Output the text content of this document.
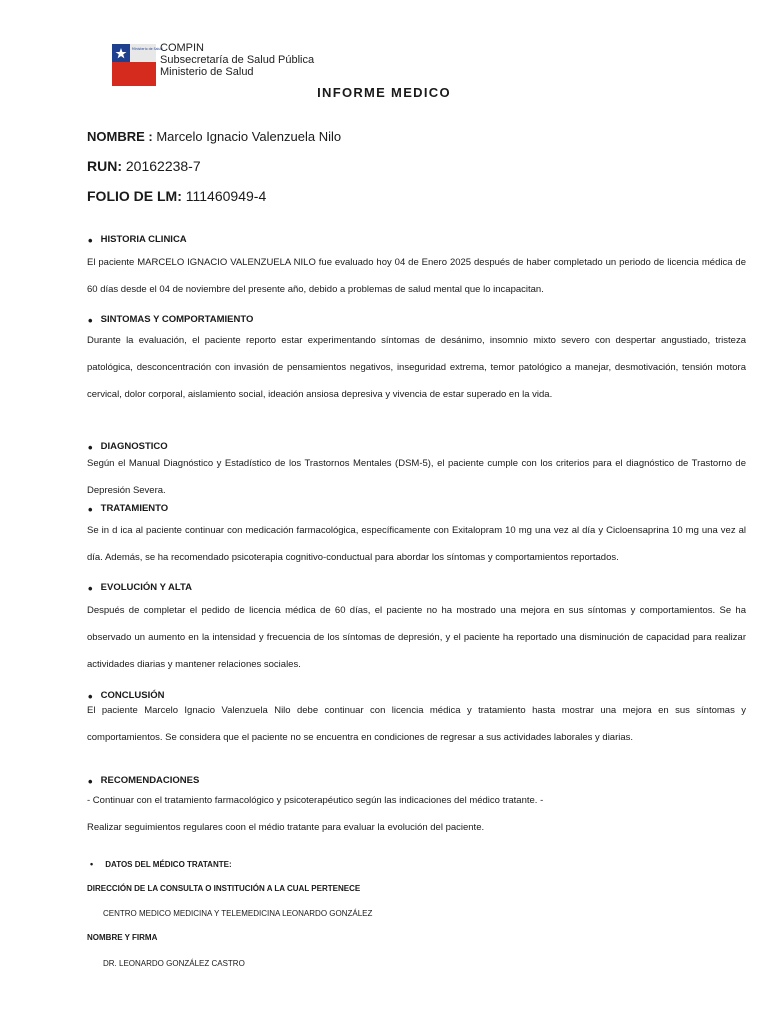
Ministerio de Salud
COMPIN
Subsecretaría de Salud Pública
Ministerio de Salud
INFORME MEDICO
NOMBRE : Marcelo Ignacio Valenzuela Nilo
RUN: 20162238-7
FOLIO DE LM: 111460949-4
• HISTORIA CLINICA

El paciente MARCELO IGNACIO VALENZUELA NILO fue evaluado hoy 04 de Enero 2025 después de haber completado un periodo de licencia médica de 60 días desde el 04 de noviembre del presente año, debido a problemas de salud mental que lo incapacitan.

• SINTOMAS Y COMPORTAMIENTO

Durante la evaluación, el paciente reporto estar experimentando síntomas de desánimo, insomnio mixto severo con despertar angustiado, tristeza patológica, desconcentración con invasión de pensamientos negativos, inseguridad extrema, temor patológico a manejar, desmotivación, tensión motora cervical, dolor corporal, aislamiento social, ideación ansiosa depresiva y vivencia de estar superado en la vida.

• DIAGNOSTICO

Según el Manual Diagnóstico y Estadístico de los Trastornos Mentales (DSM-5), el paciente cumple con los criterios para el diagnóstico de Trastorno de Depresión Severa.

• TRATAMIENTO

Se in d ica al paciente continuar con medicación farmacológica, específicamente con Exitalopram 10 mg una vez al día y Cicloensaprina 10 mg una vez al día. Además, se ha recomendado psicoterapia cognitivo-conductual para abordar los síntomas y comportamientos reportados.

• EVOLUCIÓN Y ALTA

Después de completar el pedido de licencia médica de 60 días, el paciente no ha mostrado una mejora en sus síntomas y comportamientos. Se ha observado un aumento en la intensidad y frecuencia de los síntomas de depresión, y el paciente ha reportado una disminución de capacidad para realizar actividades diarias y mantener relaciones sociales.

• CONCLUSIÓN

El paciente Marcelo Ignacio Valenzuela Nilo debe continuar con licencia médica y tratamiento hasta mostrar una mejora en sus síntomas y comportamientos. Se considera que el paciente no se encuentra en condiciones de regresar a sus actividades laborales y diarias.

• RECOMENDACIONES
- Continuar con el tratamiento farmacológico y psicoterapéutico según las indicaciones del médico tratante. -
Realizar seguimientos regulares coon el médio tratante para evaluar la evolución del paciente.
• DATOS DEL MÉDICO TRATANTE:
DIRECCIÓN DE LA CONSULTA O INSTITUCIÓN A LA CUAL PERTENECE
CENTRO MEDICO MEDICINA Y TELEMEDICINA LEONARDO GONZÁLEZ
NOMBRE Y FIRMA
DR. LEONARDO GONZÁLEZ CASTRO
